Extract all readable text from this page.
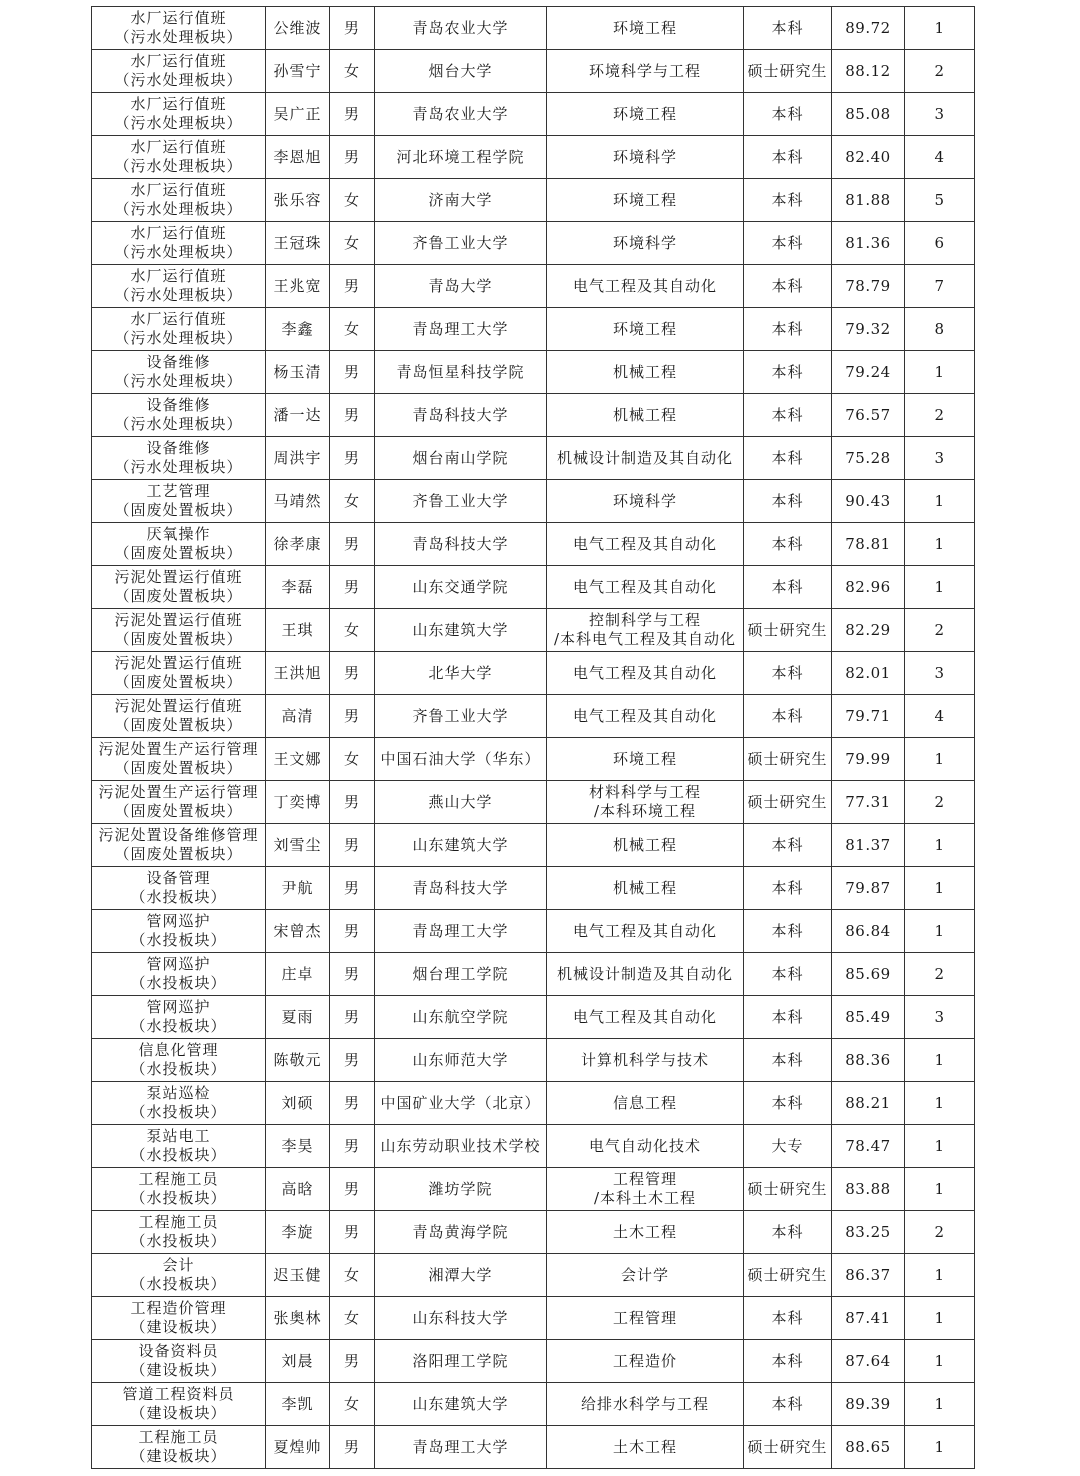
水厂运行值班
（污水处理板块）	公维波	男	青岛农业大学	环境工程	本科	89.72	1

水厂运行值班
（污水处理板块）	孙雪宁	女	烟台大学	环境科学与工程	硕士研究生	88.12	2

水厂运行值班
（污水处理板块）	吴广正	男	青岛农业大学	环境工程	本科	85.08	3

水厂运行值班
（污水处理板块）	李恩旭	男	河北环境工程学院	环境科学	本科	82.40	4

水厂运行值班
（污水处理板块）	张乐容	女	济南大学	环境工程	本科	81.88	5

水厂运行值班
（污水处理板块）	王冠珠	女	齐鲁工业大学	环境科学	本科	81.36	6

水厂运行值班
（污水处理板块）	王兆宽	男	青岛大学	电气工程及其自动化	本科	78.79	7

水厂运行值班
（污水处理板块）	李鑫	女	青岛理工大学	环境工程	本科	79.32	8

设备维修
（污水处理板块）	杨玉清	男	青岛恒星科技学院	机械工程	本科	79.24	1

设备维修
（污水处理板块）	潘一达	男	青岛科技大学	机械工程	本科	76.57	2

设备维修
（污水处理板块）	周洪宇	男	烟台南山学院	机械设计制造及其自动化	本科	75.28	3

工艺管理
（固废处置板块）	马靖然	女	齐鲁工业大学	环境科学	本科	90.43	1

厌氧操作
（固废处置板块）	徐孝康	男	青岛科技大学	电气工程及其自动化	本科	78.81	1

污泥处置运行值班
（固废处置板块）	李磊	男	山东交通学院	电气工程及其自动化	本科	82.96	1

污泥处置运行值班
（固废处置板块）	王琪	女	山东建筑大学	控制科学与工程
/本科电气工程及其自动化	硕士研究生	82.29	2

污泥处置运行值班
（固废处置板块）	王洪旭	男	北华大学	电气工程及其自动化	本科	82.01	3

污泥处置运行值班
（固废处置板块）	高清	男	齐鲁工业大学	电气工程及其自动化	本科	79.71	4

污泥处置生产运行管理
（固废处置板块）	王文娜	女	中国石油大学（华东）	环境工程	硕士研究生	79.99	1

污泥处置生产运行管理
（固废处置板块）	丁奕博	男	燕山大学	材料科学与工程
/本科环境工程	硕士研究生	77.31	2

污泥处置设备维修管理
（固废处置板块）	刘雪尘	男	山东建筑大学	机械工程	本科	81.37	1

设备管理
（水投板块）	尹航	男	青岛科技大学	机械工程	本科	79.87	1

管网巡护
（水投板块）	宋曾杰	男	青岛理工大学	电气工程及其自动化	本科	86.84	1

管网巡护
（水投板块）	庄卓	男	烟台理工学院	机械设计制造及其自动化	本科	85.69	2

管网巡护
（水投板块）	夏雨	男	山东航空学院	电气工程及其自动化	本科	85.49	3

信息化管理
（水投板块）	陈敬元	男	山东师范大学	计算机科学与技术	本科	88.36	1

泵站巡检
（水投板块）	刘硕	男	中国矿业大学（北京）	信息工程	本科	88.21	1

泵站电工
（水投板块）	李昊	男	山东劳动职业技术学校	电气自动化技术	大专	78.47	1

工程施工员
（水投板块）	高晗	男	潍坊学院	工程管理
/本科土木工程	硕士研究生	83.88	1

工程施工员
（水投板块）	李旋	男	青岛黄海学院	土木工程	本科	83.25	2

会计
（水投板块）	迟玉健	女	湘潭大学	会计学	硕士研究生	86.37	1

工程造价管理
（建设板块）	张奥林	女	山东科技大学	工程管理	本科	87.41	1

设备资料员
（建设板块）	刘晨	男	洛阳理工学院	工程造价	本科	87.64	1

管道工程资料员
（建设板块）	李凯	女	山东建筑大学	给排水科学与工程	本科	89.39	1

工程施工员
（建设板块）	夏煌帅	男	青岛理工大学	土木工程	硕士研究生	88.65	1
